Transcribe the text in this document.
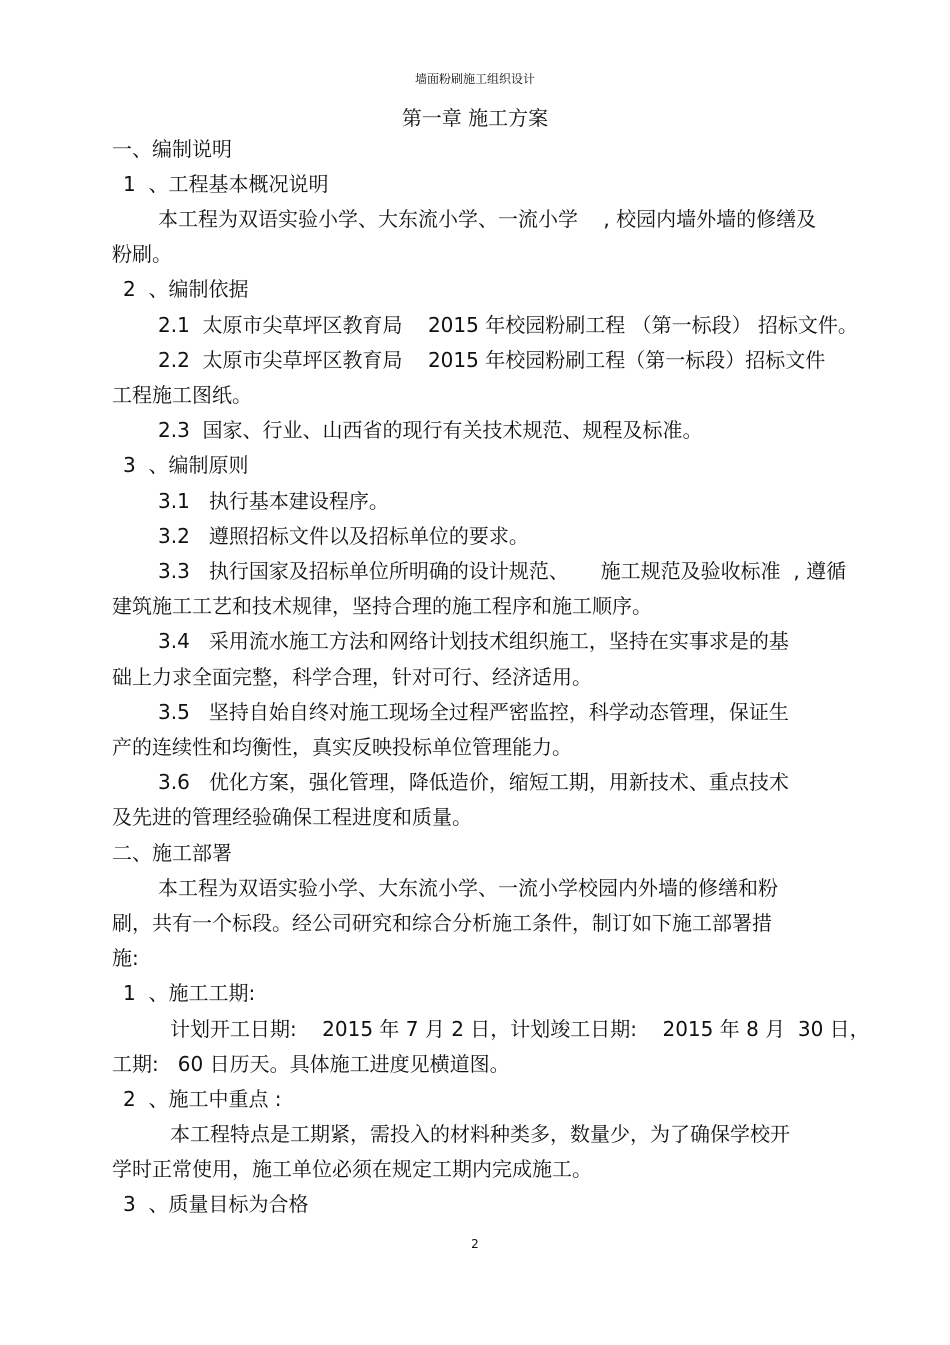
墙面粉刷施工组织设计
第一章 施工方案
一、编制说明
1  、工程基本概况说明
本工程为双语实验小学、大东流小学、一流小学    , 校园内墙外墙的修缮及
粉刷。
2  、编制依据
2.1  太原市尖草坪区教育局    2015 年校园粉刷工程 （第一标段） 招标文件。
2.2  太原市尖草坪区教育局    2015 年校园粉刷工程（第一标段）招标文件
工程施工图纸。
2.3  国家、行业、山西省的现行有关技术规范、规程及标准。
3  、编制原则
3.1   执行基本建设程序。
3.2   遵照招标文件以及招标单位的要求。
3.3   执行国家及招标单位所明确的设计规范、     施工规范及验收标准  , 遵循
建筑施工工艺和技术规律，坚持合理的施工程序和施工顺序。
3.4   采用流水施工方法和网络计划技术组织施工，坚持在实事求是的基
础上力求全面完整，科学合理，针对可行、经济适用。
3.5   坚持自始自终对施工现场全过程严密监控，科学动态管理，保证生
产的连续性和均衡性，真实反映投标单位管理能力。
3.6   优化方案，强化管理，降低造价，缩短工期，用新技术、重点技术
及先进的管理经验确保工程进度和质量。
二、施工部署
本工程为双语实验小学、大东流小学、一流小学校园内外墙的修缮和粉
刷，共有一个标段。经公司研究和综合分析施工条件，制订如下施工部署措
施:
1  、施工工期:
计划开工日期:    2015 年 7 月 2 日，计划竣工日期:    2015 年 8 月  30 日，
工期:   60 日历天。具体施工进度见横道图。
2  、施工中重点 :
本工程特点是工期紧，需投入的材料种类多，数量少，为了确保学校开
学时正常使用，施工单位必须在规定工期内完成施工。
3  、质量目标为合格
2
